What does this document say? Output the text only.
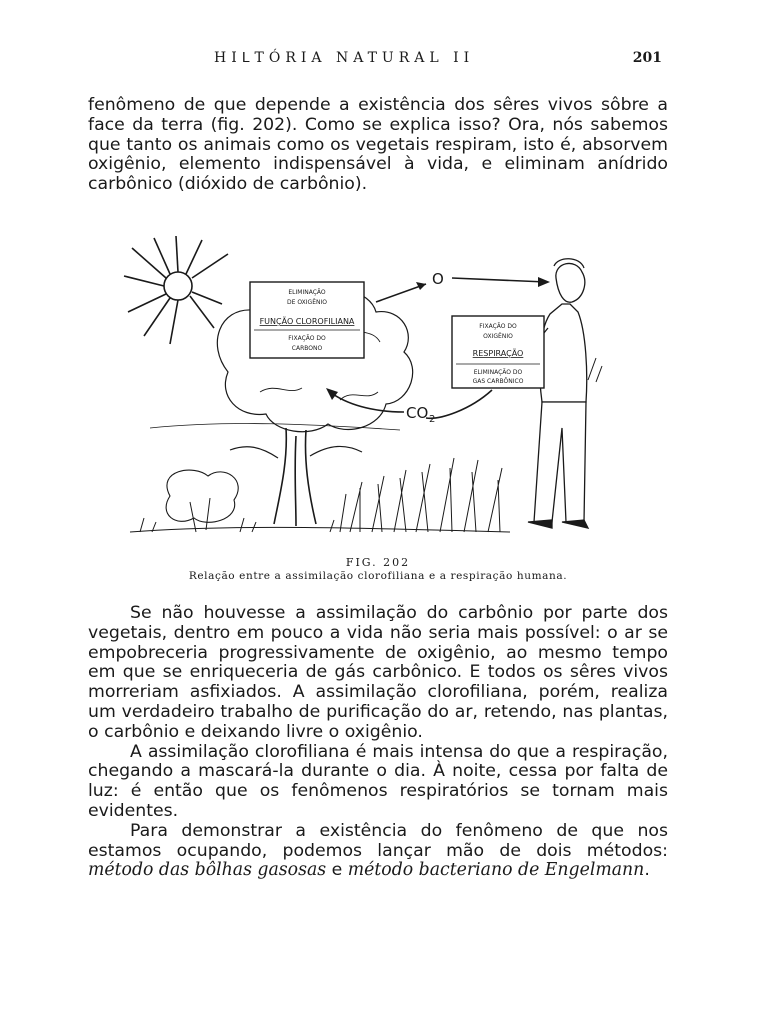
HIꓡTÓRIA NATURAL II	201

fenômeno de que depende a existência dos sêres vivos sôbre a face da terra (fig. 202). Como se explica isso? Ora, nós sabemos que tanto os animais como os vegetais respiram, isto é, absorvem oxigênio, elemento indispensável à vida, e eliminam anídrido carbônico (dióxido de carbônio).

ELIMINAÇÃO
DE OXIGÊNIO
FUNÇÃO CLOROFILIANA
FIXAÇÃO DO
CARBONO
FIXAÇÃO DO
OXIGÊNIO
RESPIRAÇÃO
ELIMINAÇÃO DO
GAS CARBÔNICO
O
CO 2
FIG. 202
Relação entre a assimilação clorofiliana e a respiração humana.

Se não houvesse a assimilação do carbônio por parte dos vegetais, dentro em pouco a vida não seria mais possível: o ar se empobreceria progressivamente de oxigênio, ao mesmo tempo em que se enriqueceria de gás carbônico. E todos os sêres vivos morreriam asfixiados. A assimilação clorofiliana, porém, realiza um verdadeiro trabalho de purificação do ar, retendo, nas plantas, o carbônio e deixando livre o oxigênio.

A assimilação clorofiliana é mais intensa do que a respiração, chegando a mascará-la durante o dia. À noite, cessa por falta de luz: é então que os fenômenos respiratórios se tornam mais evidentes.

Para demonstrar a existência do fenômeno de que nos estamos ocupando, podemos lançar mão de dois métodos: método das bôlhas gasosas e método bacteriano de Engelmann.
